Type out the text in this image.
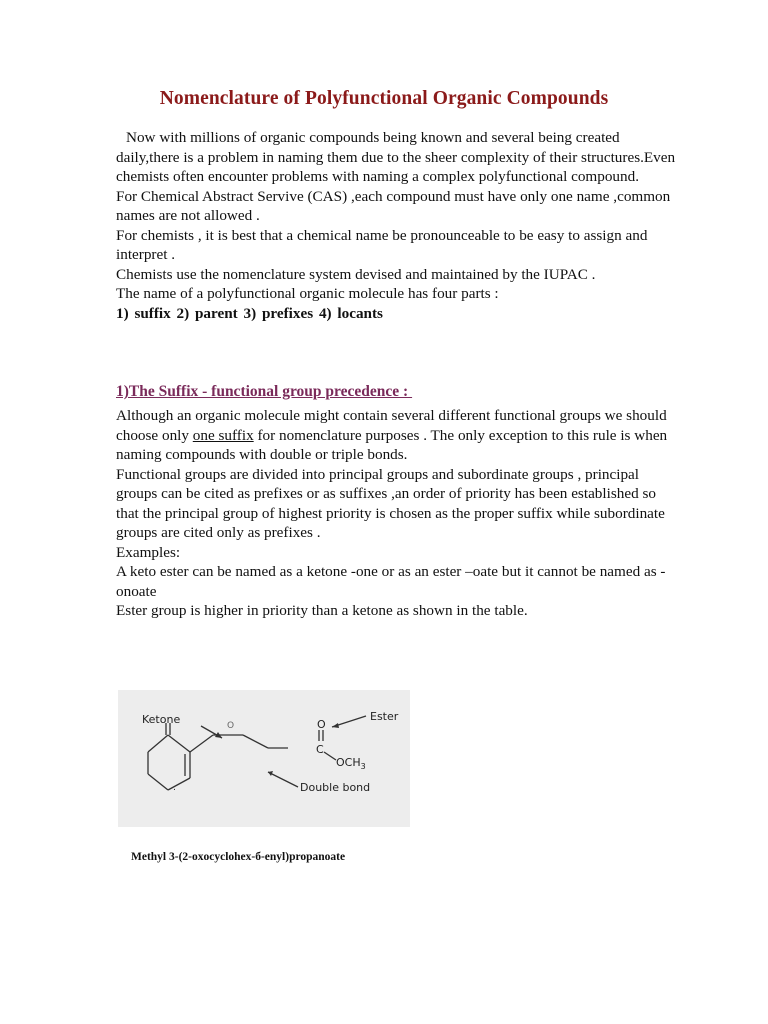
Nomenclature of Polyfunctional Organic Compounds

Now with millions of organic compounds being known and several being created daily,there is a problem in naming them due to the sheer complexity of their structures.Even chemists often encounter problems with naming a complex polyfunctional compound.

For Chemical Abstract Servive (CAS) ,each compound must have only one name ,common names are not allowed .

For chemists , it is best that a chemical name be pronounceable to be easy to assign and interpret .

Chemists use the nomenclature system devised and maintained by the IUPAC .

The name of a polyfunctional organic molecule has four parts :

1) suffix 2) parent 3) prefixes 4) locants

1)The Suffix - functional group precedence :

Although an organic molecule might contain several different functional groups we should choose only one suffix for nomenclature purposes . The only exception to this rule is when naming compounds with double or triple bonds.

Functional groups are divided into principal groups and subordinate groups , principal groups can be cited as prefixes or as suffixes ,an order of priority has been established so that the principal group of highest priority is chosen as the proper suffix while subordinate groups are cited only as prefixes .

Examples:

A keto ester can be named as a ketone -one or as an ester –oate but it cannot be named as -onoate

Ester group is higher in priority than a ketone as shown in the table.

Ketone	O
Ester
O
C
$OCH_3$
Double bond
.
Methyl 3-(2-oxocyclohex-б-enyl)propanoate
